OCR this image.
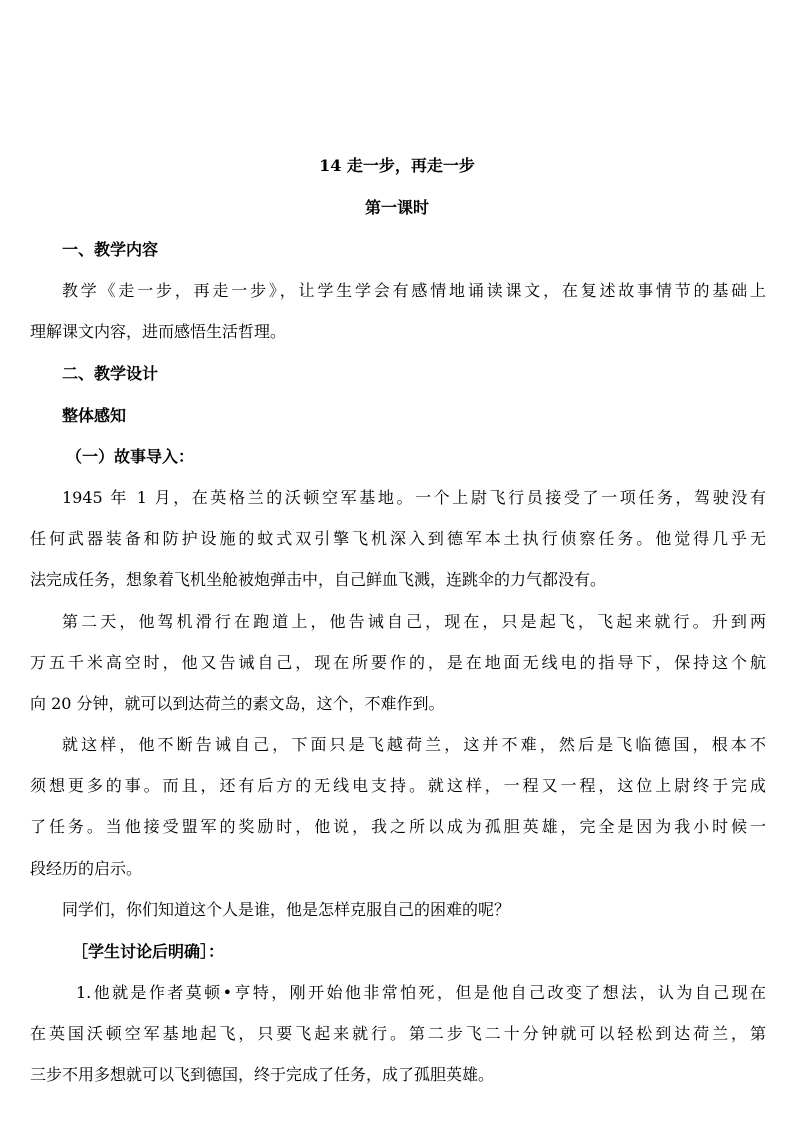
14 走一步，再走一步
第一课时
一、教学内容
教学《走一步，再走一步》，让学生学会有感情地诵读课文，在复述故事情节的基础上
理解课文内容，进而感悟生活哲理。
二、教学设计
整体感知
（一）故事导入：
1945 年 1 月，在英格兰的沃顿空军基地。一个上尉飞行员接受了一项任务，驾驶没有
任何武器装备和防护设施的蚊式双引擎飞机深入到德军本土执行侦察任务。他觉得几乎无
法完成任务，想象着飞机坐舱被炮弹击中，自己鲜血飞溅，连跳伞的力气都没有。
第二天，他驾机滑行在跑道上，他告诫自己，现在，只是起飞，飞起来就行。升到两
万五千米高空时，他又告诫自己，现在所要作的，是在地面无线电的指导下，保持这个航
向 20 分钟，就可以到达荷兰的素文岛，这个，不难作到。
就这样，他不断告诫自己，下面只是飞越荷兰，这并不难，然后是飞临德国，根本不
须想更多的事。而且，还有后方的无线电支持。就这样，一程又一程，这位上尉终于完成
了任务。当他接受盟军的奖励时，他说，我之所以成为孤胆英雄，完全是因为我小时候一
段经历的启示。
同学们，你们知道这个人是谁，他是怎样克服自己的困难的呢？
［学生讨论后明确］：
1.他就是作者莫顿•亨特，刚开始他非常怕死，但是他自己改变了想法，认为自己现在
在英国沃顿空军基地起飞，只要飞起来就行。第二步飞二十分钟就可以轻松到达荷兰，第
三步不用多想就可以飞到德国，终于完成了任务，成了孤胆英雄。
